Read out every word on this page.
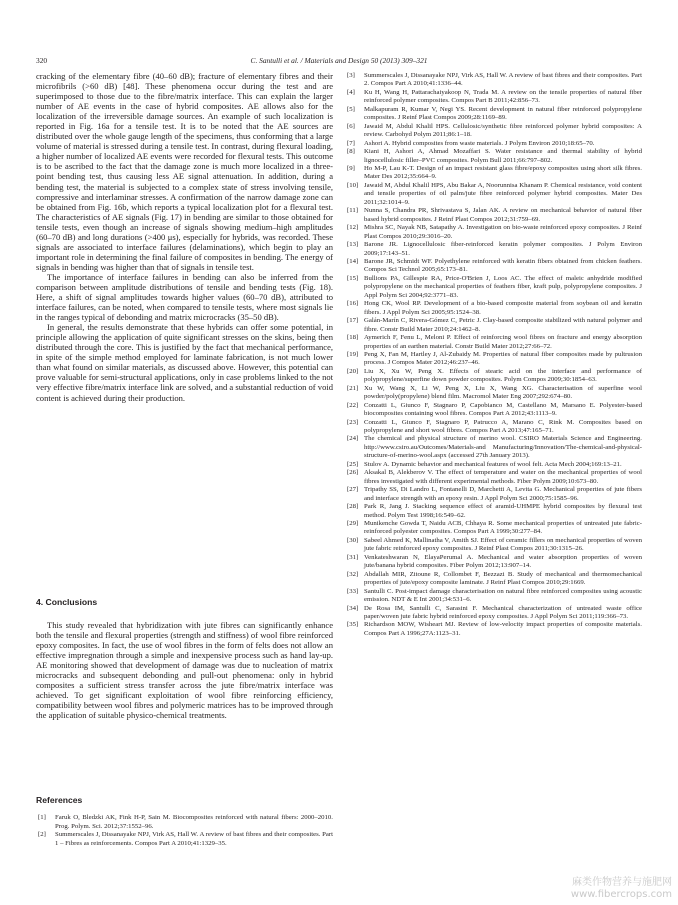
320	C. Santulli et al. / Materials and Design 50 (2013) 309–321

cracking of the elementary fibre (40–60 dB); fracture of elementary fibres and their microfibrils (>60 dB) [48]. These phenomena occur during the test and are superimposed to those due to the fibre/matrix interface. This can explain the larger number of AE events in the case of hybrid composites. AE allows also for the localization of the irreversible damage sources. An example of such localization is reported in Fig. 16a for a tensile test. It is to be noted that the AE sources are distributed over the whole gauge length of the specimens, thus conforming that a large volume of material is stressed during a tensile test. In contrast, during flexural loading, a higher number of localized AE events were recorded for flexural tests. This outcome is to be ascribed to the fact that the damage zone is much more localized in a three-point bending test, thus causing less AE signal attenuation. In addition, during a bending test, the material is subjected to a complex state of stress involving tensile, compressive and interlaminar stresses. A confirmation of the narrow damage zone can be obtained from Fig. 16b, which reports a typical localization plot for a flexural test. The characteristics of AE signals (Fig. 17) in bending are similar to those obtained for tensile tests, even though an increase of signals showing medium–high amplitudes (60–70 dB) and long durations (>400 μs), especially for hybrids, was recorded. These signals are associated to interface failures (delaminations), which begin to play an important role in determining the final failure of composites in bending. The energy of signals in bending was higher than that of signals in tensile test.

The importance of interface failures in bending can also be inferred from the comparison between amplitude distributions of tensile and bending tests (Fig. 18). Here, a shift of signal amplitudes towards higher values (60–70 dB), attributed to interface failures, can be noted, when compared to tensile tests, where most signals lie in the ranges typical of debonding and matrix microcracks (35–50 dB).

In general, the results demonstrate that these hybrids can offer some potential, in principle allowing the application of quite significant stresses on the skins, being then distributed through the core. This is justified by the fact that mechanical performance, in spite of the simple method employed for laminate fabrication, is not much lower than what found on similar materials, as discussed above. However, this potential can prove valuable for semi-structural applications, only in case problems linked to the not very effective fibre/matrix interface link are solved, and a substantial reduction of void content is achieved during their production.

4. Conclusions

This study revealed that hybridization with jute fibres can significantly enhance both the tensile and flexural properties (strength and stiffness) of wool fibre reinforced epoxy composites. In fact, the use of wool fibres in the form of felts does not allow an effective impregnation through a simple and inexpensive process such as hand lay-up. AE monitoring showed that development of damage was due to nucleation of matrix microcracks and subsequent debonding and pull-out phenomena: only in hybrid composites a sufficient stress transfer across the jute fibre/matrix interface was achieved. To get significant exploitation of wool fibre reinforcing efficiency, compatibility between wool fibres and polymeric matrices has to be improved through the application of suitable physico-chemical treatments.

References
[1] Faruk O, Bledzki AK, Fink H-P, Sain M. Biocomposites reinforced with natural fibers: 2000–2010. Prog. Polym. Sci. 2012;37:1552–96.
[2] Summerscales J, Dissanayake NPJ, Virk AS, Hall W. A review of bast fibres and their composites. Part 1 – Fibres as reinforcements. Compos Part A 2010;41:1329–35.
[3] Summerscales J, Dissanayake NPJ, Virk AS, Hall W. A review of bast fibres and their composites. Part 2. Compos Part A 2010;41:1336–44.
[4] Ku H, Wang H, Pattarachaiyakoop N, Trada M. A review on the tensile properties of natural fiber reinforced polymer composites. Compos Part B 2011;42:856–73.
[5] Malkapuram R, Kumar V, Negi YS. Recent development in natural fiber reinforced polypropylene composites. J Reinf Plast Compos 2009;28:1169–89.
[6] Jawaid M, Abdul Khalil HPS. Cellulosic/synthetic fibre reinforced polymer hybrid composites: A review. Carbohyd Polym 2011;86:1–18.
[7] Ashori A. Hybrid composites from waste materials. J Polym Environ 2010;18:65–70.
[8] Kiani H, Ashori A, Ahmad Mozaffari S. Water resistance and thermal stability of hybrid lignocellulosic filler–PVC composites. Polym Bull 2011;66:797–802.
[9] Ho M-P, Lau K-T. Design of an impact resistant glass fibre/epoxy composites using short silk fibres. Mater Des 2012;35:664–9.
[10] Jawaid M, Abdul Khalil HPS, Abu Bakar A, Noorunnisa Khanam P. Chemical resistance, void content and tensile properties of oil palm/jute fibre reinforced polymer hybrid composites. Mater Des 2011;32:1014–9.
[11] Nunna S, Chandra PR, Shrivastava S, Jalan AK. A review on mechanical behavior of natural fiber based hybrid composites. J Reinf Plast Compos 2012;31:759–69.
[12] Mishra SC, Nayak NB, Satapathy A. Investigation on bio-waste reinforced epoxy composites. J Reinf Plast Compos 2010;29:3016–20.
[13] Barone JR. Lignocellulosic fiber-reinforced keratin polymer composites. J Polym Environ 2009;17:143–51.
[14] Barone JR, Schmidt WF. Polyethylene reinforced with keratin fibers obtained from chicken feathers. Compos Sci Technol 2005;65:173–81.
[15] Bullions PA, Gillespie RA, Price-O'Brien J, Loos AC. The effect of maleic anhydride modified polypropylene on the mechanical properties of feathers fiber, kraft pulp, polypropylene composites. J Appl Polym Sci 2004;92:3771–83.
[16] Hong CK, Wool RP. Development of a bio-based composite material from soybean oil and keratin fibers. J Appl Polym Sci 2005;95:1524–38.
[17] Galán-Marín C, Rivera-Gómez C, Petric J. Clay-based composite stabilized with natural polymer and fibre. Constr Build Mater 2010;24:1462–8.
[18] Aymerich F, Fenu L, Meloni P. Effect of reinforcing wool fibres on fracture and energy absorption properties of an earthen material. Constr Build Mater 2012;27:66–72.
[19] Peng X, Fan M, Hartley J, Al-Zubaidy M. Properties of natural fiber composites made by pultrusion process. J Compos Mater 2012;46:237–46.
[20] Liu X, Xu W, Peng X. Effects of stearic acid on the interface and performance of polypropylene/superfine down powder composites. Polym Compos 2009;30:1854–63.
[21] Xu W, Wang X, Li W, Peng X, Liu X, Wang XG. Characterisation of superfine wool powder/poly(propylene) blend film. Macromol Mater Eng 2007;292:674–80.
[22] Conzatti L, Giunco F, Stagnaro P, Capobianco M, Castellano M, Marsano E. Polyester-based biocomposites containing wool fibres. Compos Part A 2012;43:1113–9.
[23] Conzatti L, Giunco F, Stagnaro P, Patrucco A, Marano C, Rink M. Composites based on polypropylene and short wool fibres. Compos Part A 2013;47:165–71.
[24] The chemical and physical structure of merino wool. CSIRO Materials Science and Engineering. http://www.csiro.au/Outcomes/Materials-and Manufacturing/Innovation/The-chemical-and-physical-structure-of-merino-wool.aspx (accessed 27th January 2013).
[25] Stulov A. Dynamic behavior and mechanical features of wool felt. Acta Mech 2004;169:13–21.
[26] Aksakal B, Alekberov V. The effect of temperature and water on the mechanical properties of wool fibres investigated with different experimental methods. Fiber Polym 2009;10:673–80.
[27] Tripathy SS, Di Landro L, Fontanelli D, Marchetti A, Levita G. Mechanical properties of jute fibers and interface strength with an epoxy resin. J Appl Polym Sci 2000;75:1585–96.
[28] Park R, Jang J. Stacking sequence effect of aramid-UHMPE hybrid composites by flexural test method. Polym Test 1998;16:549–62.
[29] Munikenche Gowda T, Naidu ACB, Chhaya R. Some mechanical properties of untreated jute fabric-reinforced polyester composites. Compos Part A 1999;30:277–84.
[30] Sabeel Ahmed K, Mallinatha V, Amith SJ. Effect of ceramic fillers on mechanical properties of woven jute fabric reinforced epoxy composites. J Reinf Plast Compos 2011;30:1315–26.
[31] Venkateshwaran N, ElayaPerumal A. Mechanical and water absorption properties of woven jute/banana hybrid composites. Fiber Polym 2012;13:907–14.
[32] Abdallah MIR, Zitoune R, Collombet F, Bezzazi B. Study of mechanical and thermomechanical properties of jute/epoxy composite laminate. J Reinf Plast Compos 2010;29:1669.
[33] Santulli C. Post-impact damage characterisation on natural fibre reinforced composites using acoustic emission. NDT & E Int 2001;34:531–6.
[34] De Rosa IM, Santulli C, Sarasini F. Mechanical characterization of untreated waste office paper/woven jute fabric hybrid reinforced epoxy composites. J Appl Polym Sci 2011;119:366–73.
[35] Richardson MOW, Wisheart MJ. Review of low-velocity impact properties of composite materials. Compos Part A 1996;27A:1123–31.
麻类作物营养与施肥网
www.fibercrops.com
